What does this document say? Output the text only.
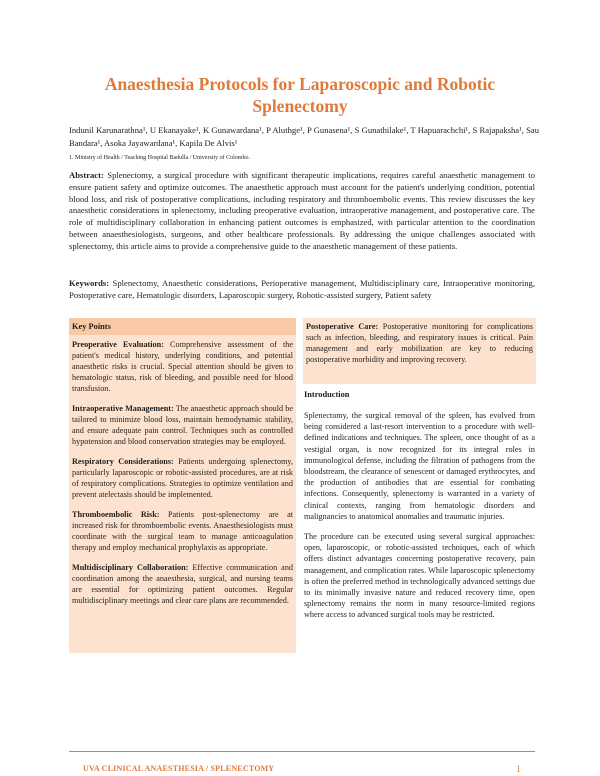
Anaesthesia Protocols for Laparoscopic and Robotic Splenectomy
Indunil Karunarathna¹, U Ekanayake¹, K Gunawardana¹, P Aluthge¹, P Gunasena¹, S Gunathilake¹, T Hapuarachchi¹, S Rajapaksha¹, Sau Bandara¹, Asoka Jayawardana¹, Kapila De Alvis¹
1. Ministry of Health / Teaching Hospital Badulla / University of Colombo.
Abstract: Splenectomy, a surgical procedure with significant therapeutic implications, requires careful anaesthetic management to ensure patient safety and optimize outcomes. The anaesthetic approach must account for the patient's underlying condition, potential blood loss, and risk of postoperative complications, including respiratory and thromboembolic events. This review discusses the key anaesthetic considerations in splenectomy, including preoperative evaluation, intraoperative management, and postoperative care. The role of multidisciplinary collaboration in enhancing patient outcomes is emphasized, with particular attention to the coordination between anaesthesiologists, surgeons, and other healthcare professionals. By addressing the unique challenges associated with splenectomy, this article aims to provide a comprehensive guide to the anaesthetic management of these patients.
Keywords: Splenectomy, Anaesthetic considerations, Perioperative management, Multidisciplinary care, Intraoperative monitoring, Postoperative care, Hematologic disorders, Laparoscopic surgery, Robotic-assisted surgery, Patient safety
Key Points
Preoperative Evaluation: Comprehensive assessment of the patient's medical history, underlying conditions, and potential anaesthetic risks is crucial. Special attention should be given to hematologic status, risk of bleeding, and possible need for blood transfusion.
Intraoperative Management: The anaesthetic approach should be tailored to minimize blood loss, maintain hemodynamic stability, and ensure adequate pain control. Techniques such as controlled hypotension and blood conservation strategies may be employed.
Respiratory Considerations: Patients undergoing splenectomy, particularly laparoscopic or robotic-assisted procedures, are at risk of respiratory complications. Strategies to optimize ventilation and prevent atelectasis should be implemented.
Thromboembolic Risk: Patients post-splenectomy are at increased risk for thromboembolic events. Anaesthesiologists must coordinate with the surgical team to manage anticoagulation therapy and employ mechanical prophylaxis as appropriate.
Multidisciplinary Collaboration: Effective communication and coordination among the anaesthesia, surgical, and nursing teams are essential for optimizing patient outcomes. Regular multidisciplinary meetings and clear care plans are recommended.
Postoperative Care: Postoperative monitoring for complications such as infection, bleeding, and respiratory issues is critical. Pain management and early mobilization are key to reducing postoperative morbidity and improving recovery.
Introduction

Splenectomy, the surgical removal of the spleen, has evolved from being considered a last-resort intervention to a procedure with well-defined indications and techniques. The spleen, once thought of as a vestigial organ, is now recognized for its integral roles in immunological defense, including the filtration of pathogens from the bloodstream, the clearance of senescent or damaged erythrocytes, and the production of antibodies that are essential for combating infections. Consequently, splenectomy is warranted in a variety of clinical contexts, ranging from hematologic disorders and malignancies to anatomical anomalies and traumatic injuries.

The procedure can be executed using several surgical approaches: open, laparoscopic, or robotic-assisted techniques, each of which offers distinct advantages concerning postoperative recovery, pain management, and complication rates. While laparoscopic splenectomy is often the preferred method in technologically advanced settings due to its minimally invasive nature and reduced recovery time, open splenectomy remains the norm in many resource-limited regions where access to advanced surgical tools may be restricted.

UVA CLINICAL ANAESTHESIA / SPLENECTOMY	1
